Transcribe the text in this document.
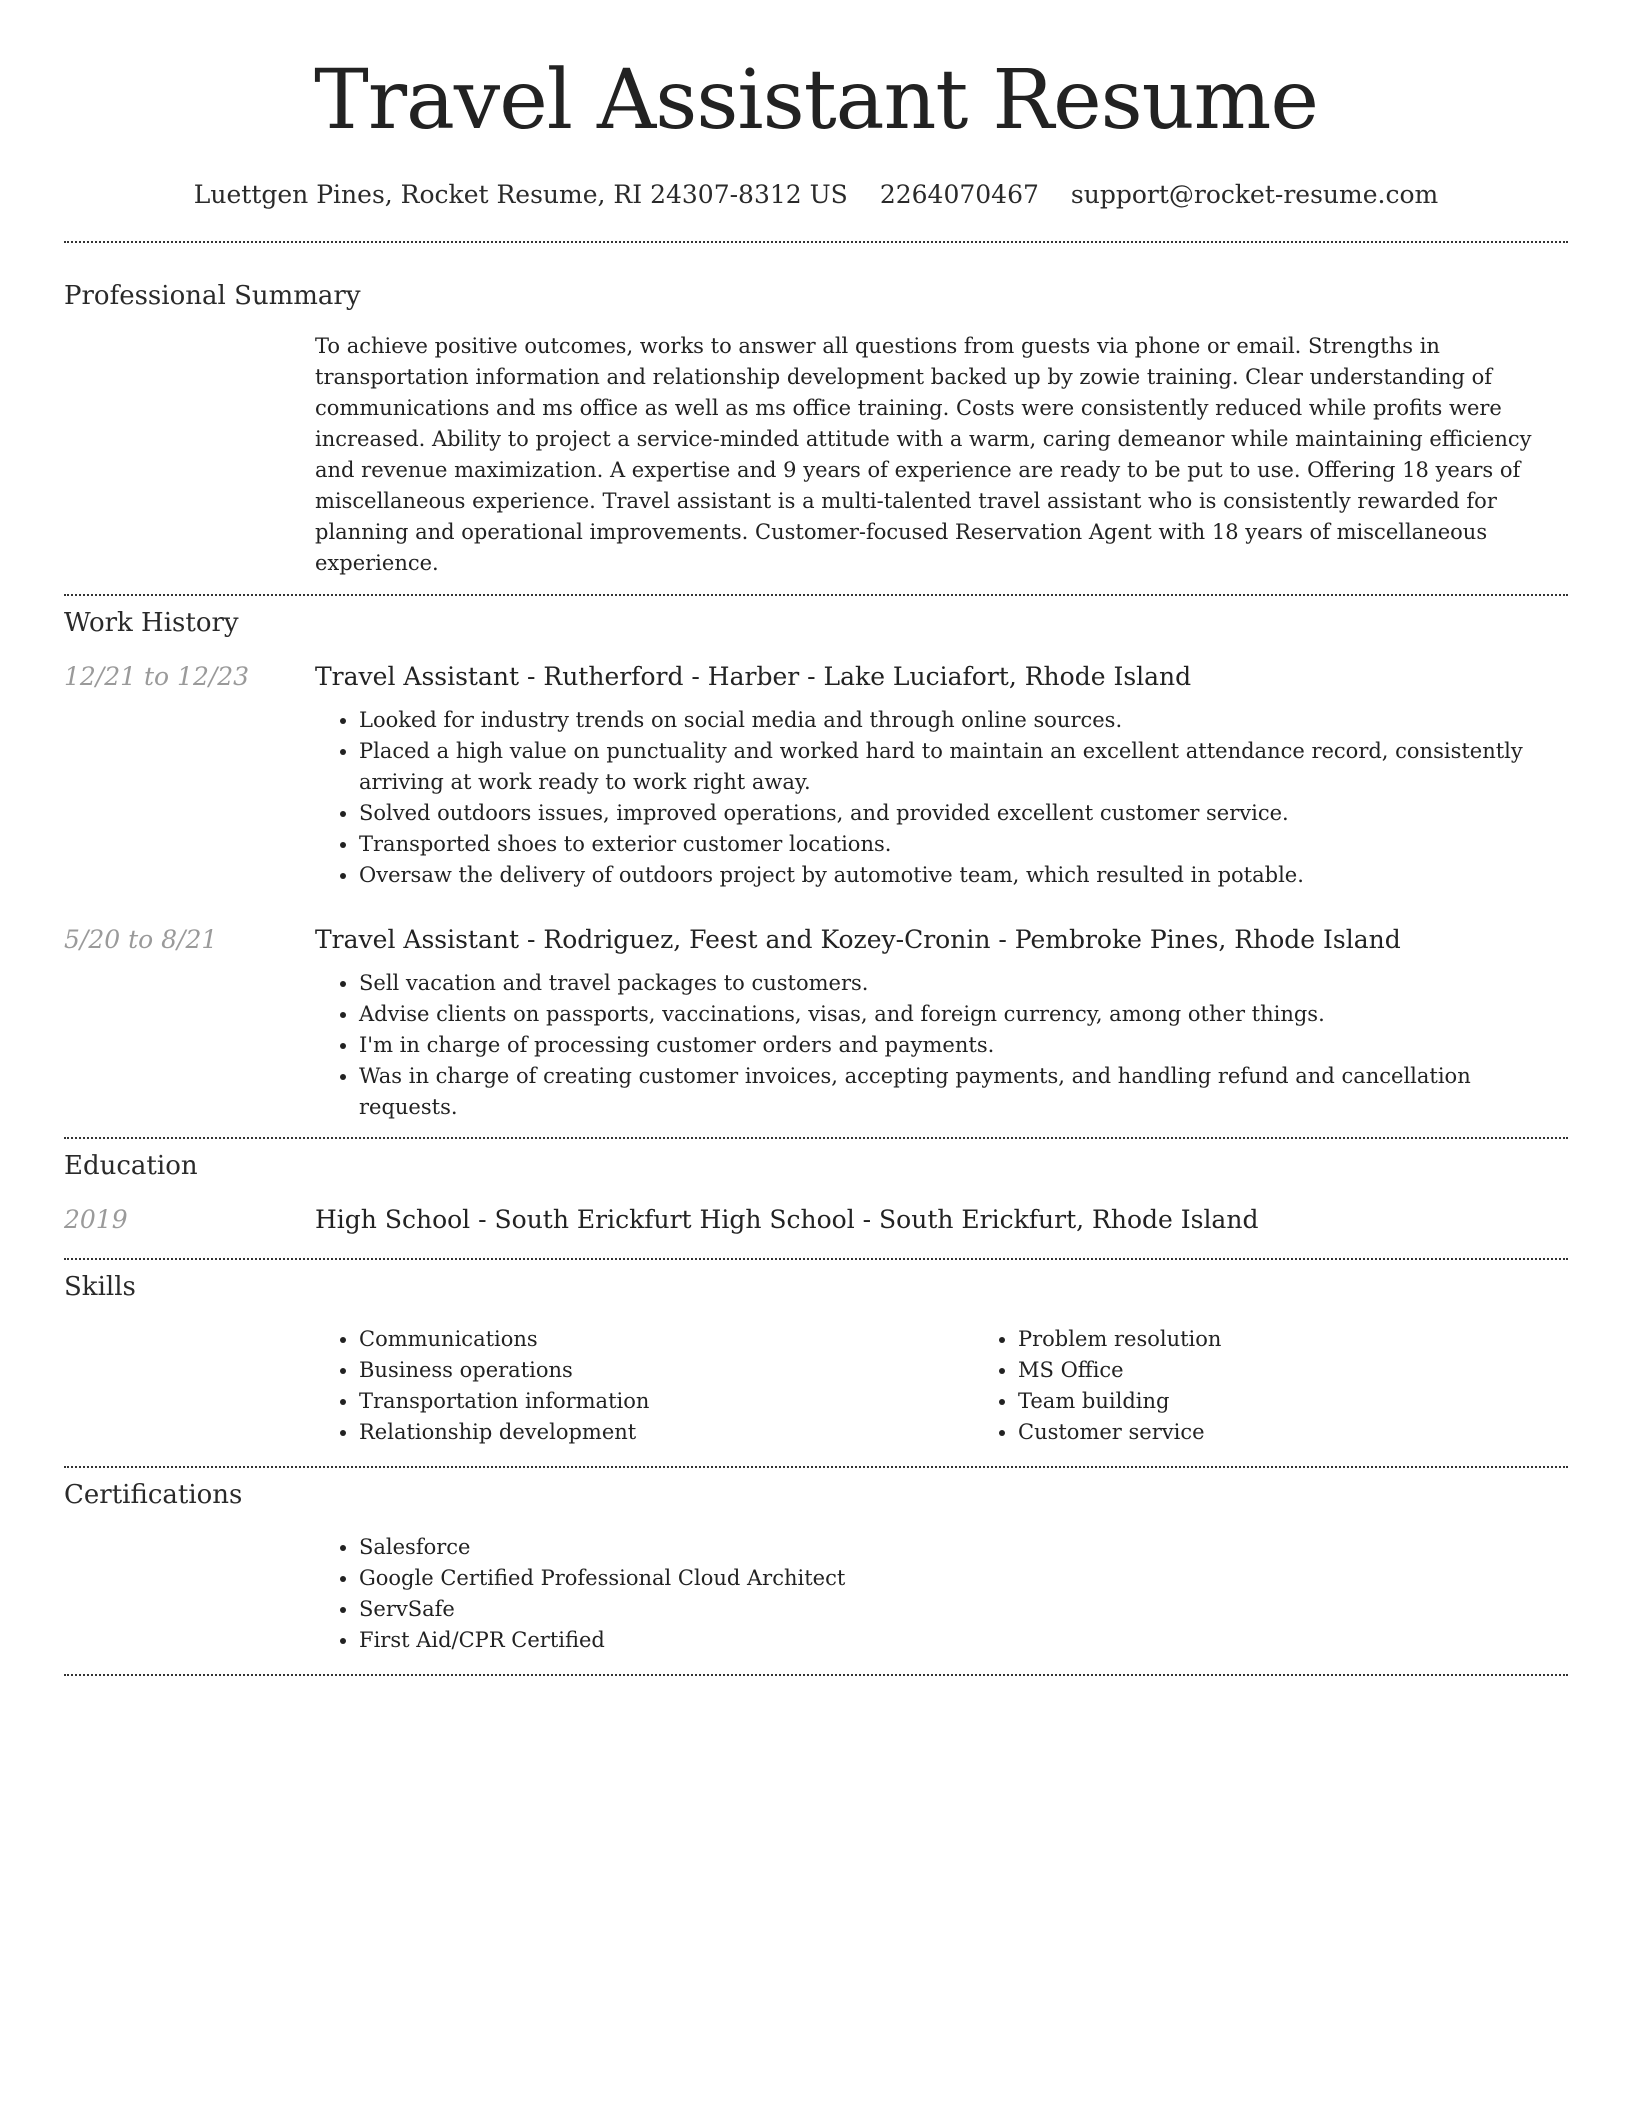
Travel Assistant Resume
Luettgen Pines, Rocket Resume, RI 24307-8312 US 2264070467 support@rocket-resume.com
Professional Summary
To achieve positive outcomes, works to answer all questions from guests via phone or email. Strengths in transportation information and relationship development backed up by zowie training. Clear understanding of communications and ms office as well as ms office training. Costs were consistently reduced while profits were increased. Ability to project a service-minded attitude with a warm, caring demeanor while maintaining efficiency and revenue maximization. A expertise and 9 years of experience are ready to be put to use. Offering 18 years of miscellaneous experience. Travel assistant is a multi-talented travel assistant who is consistently rewarded for planning and operational improvements. Customer-focused Reservation Agent with 18 years of miscellaneous experience.
Work History
12/21 to 12/23	Travel Assistant - Rutherford - Harber - Lake Luciafort, Rhode Island
• Looked for industry trends on social media and through online sources.
• Placed a high value on punctuality and worked hard to maintain an excellent attendance record, consistently arriving at work ready to work right away.
• Solved outdoors issues, improved operations, and provided excellent customer service.
• Transported shoes to exterior customer locations.
• Oversaw the delivery of outdoors project by automotive team, which resulted in potable.
5/20 to 8/21	Travel Assistant - Rodriguez, Feest and Kozey-Cronin - Pembroke Pines, Rhode Island
• Sell vacation and travel packages to customers.
• Advise clients on passports, vaccinations, visas, and foreign currency, among other things.
• I'm in charge of processing customer orders and payments.
• Was in charge of creating customer invoices, accepting payments, and handling refund and cancellation requests.
Education
2019	High School - South Erickfurt High School - South Erickfurt, Rhode Island
Skills
• Communications
• Business operations
• Transportation information
• Relationship development
• Problem resolution
• MS Office
• Team building
• Customer service
Certifications
• Salesforce
• Google Certified Professional Cloud Architect
• ServSafe
• First Aid/CPR Certified
